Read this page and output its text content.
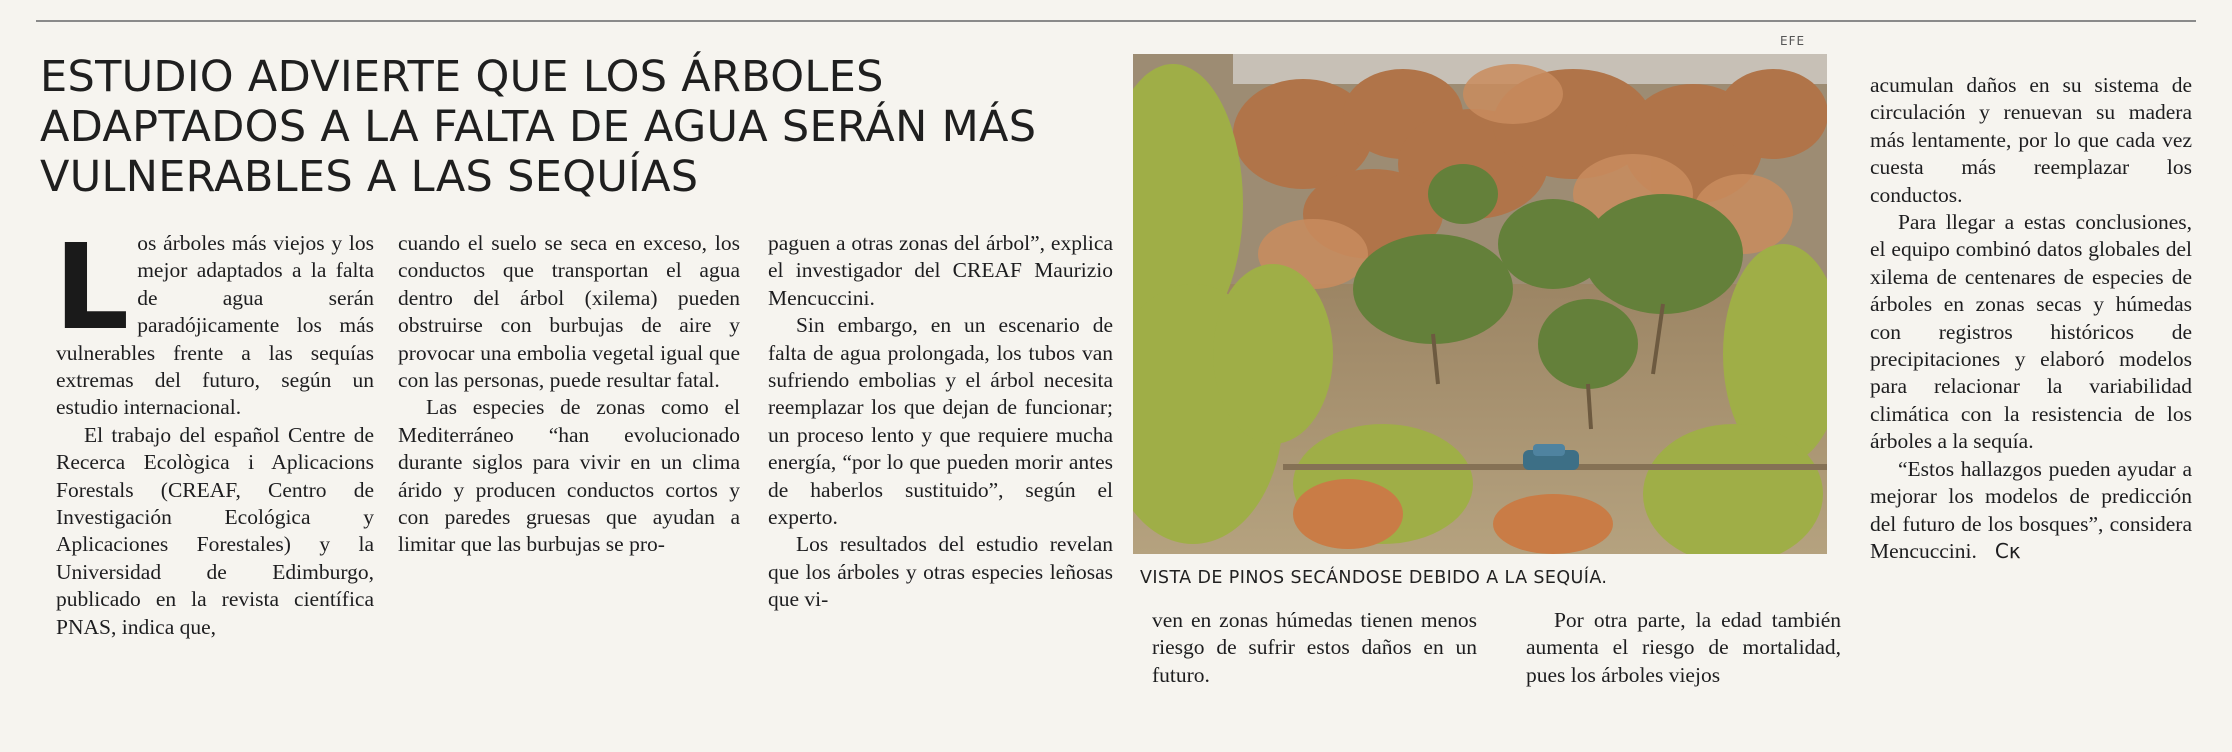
ESTUDIO ADVIERTE QUE LOS ÁRBOLES ADAPTADOS A LA FALTA DE AGUA SERÁN MÁS VULNERABLES A LAS SEQUÍAS

Los árboles más viejos y los mejor adaptados a la falta de agua serán paradójicamente los más vulnerables frente a las sequías extremas del futuro, según un estudio internacional.

El trabajo del español Centre de Recerca Ecològica i Aplicacions Forestals (CREAF, Centro de Investigación Ecológica y Aplicaciones Forestales) y la Universidad de Edimburgo, publicado en la revista científica PNAS, indica que,

cuando el suelo se seca en exceso, los conductos que transportan el agua dentro del árbol (xilema) pueden obstruirse con burbujas de aire y provocar una embolia vegetal igual que con las personas, puede resultar fatal.

Las especies de zonas como el Mediterráneo “han evolucionado durante siglos para vivir en un clima árido y producen conductos cortos y con paredes gruesas que ayudan a limitar que las burbujas se pro-

paguen a otras zonas del árbol”, explica el investigador del CREAF Maurizio Mencuccini.

Sin embargo, en un escenario de falta de agua prolongada, los tubos van sufriendo embolias y el árbol necesita reemplazar los que dejan de funcionar; un proceso lento y que requiere mucha energía, “por lo que pueden morir antes de haberlos sustituido”, según el experto.

Los resultados del estudio revelan que los árboles y otras especies leñosas que vi-

EFE
VISTA DE PINOS SECÁNDOSE DEBIDO A LA SEQUÍA.

ven en zonas húmedas tienen menos riesgo de sufrir estos daños en un futuro.

Por otra parte, la edad también aumenta el riesgo de mortalidad, pues los árboles viejos

acumulan daños en su sistema de circulación y renuevan su madera más lentamente, por lo que cada vez cuesta más reemplazar los conductos.

Para llegar a estas conclusiones, el equipo combinó datos globales del xilema de centenares de especies de árboles en zonas secas y húmedas con registros históricos de precipitaciones y elaboró modelos para relacionar la variabilidad climática con la resistencia de los árboles a la sequía.

“Estos hallazgos pueden ayudar a mejorar los modelos de predicción del futuro de los bosques”, considera Mencuccini. Cκ
